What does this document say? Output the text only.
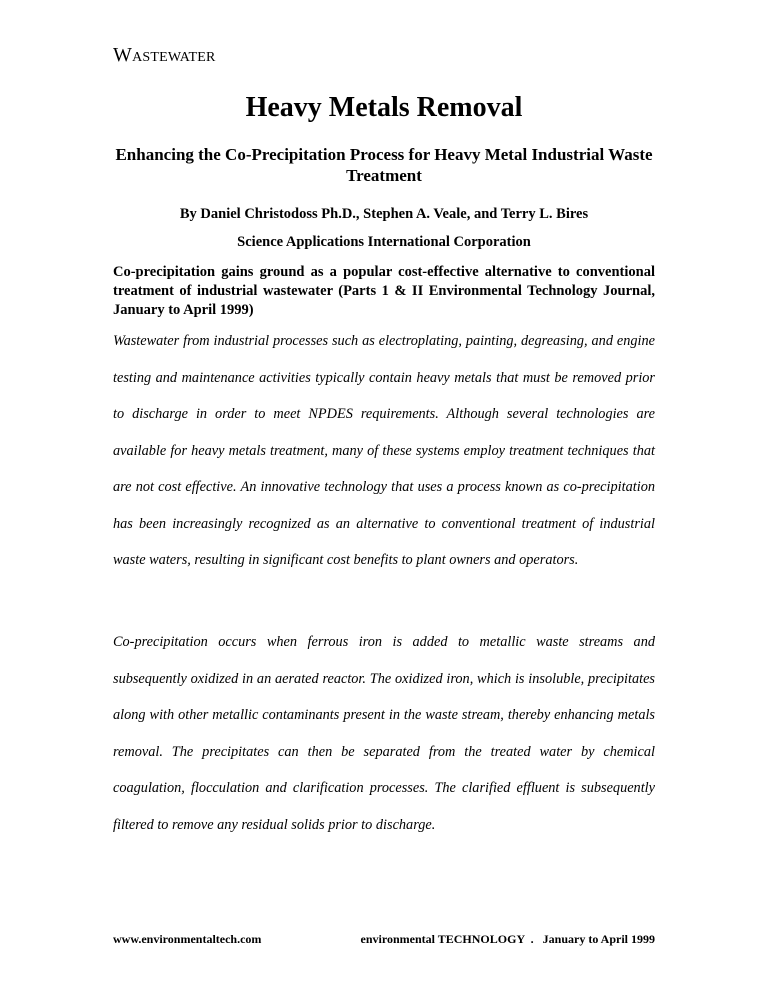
WASTEWATER
Heavy Metals Removal
Enhancing the Co-Precipitation Process for Heavy Metal Industrial Waste Treatment
By Daniel Christodoss Ph.D., Stephen A. Veale, and Terry L. Bires
Science Applications International Corporation
Co-precipitation gains ground as a popular cost-effective alternative to conventional treatment of industrial wastewater (Parts 1 & II Environmental Technology Journal, January to April 1999)

Wastewater from industrial processes such as electroplating, painting, degreasing, and engine testing and maintenance activities typically contain heavy metals that must be removed prior to discharge in order to meet NPDES requirements. Although several technologies are available for heavy metals treatment, many of these systems employ treatment techniques that are not cost effective. An innovative technology that uses a process known as co-precipitation has been increasingly recognized as an alternative to conventional treatment of industrial waste waters, resulting in significant cost benefits to plant owners and operators.

Co-precipitation occurs when ferrous iron is added to metallic waste streams and subsequently oxidized in an aerated reactor. The oxidized iron, which is insoluble, precipitates along with other metallic contaminants present in the waste stream, thereby enhancing metals removal. The precipitates can then be separated from the treated water by chemical coagulation, flocculation and clarification processes. The clarified effluent is subsequently filtered to remove any residual solids prior to discharge.

www.environmentaltech.com	environmental TECHNOLOGY  .   January to April 1999
